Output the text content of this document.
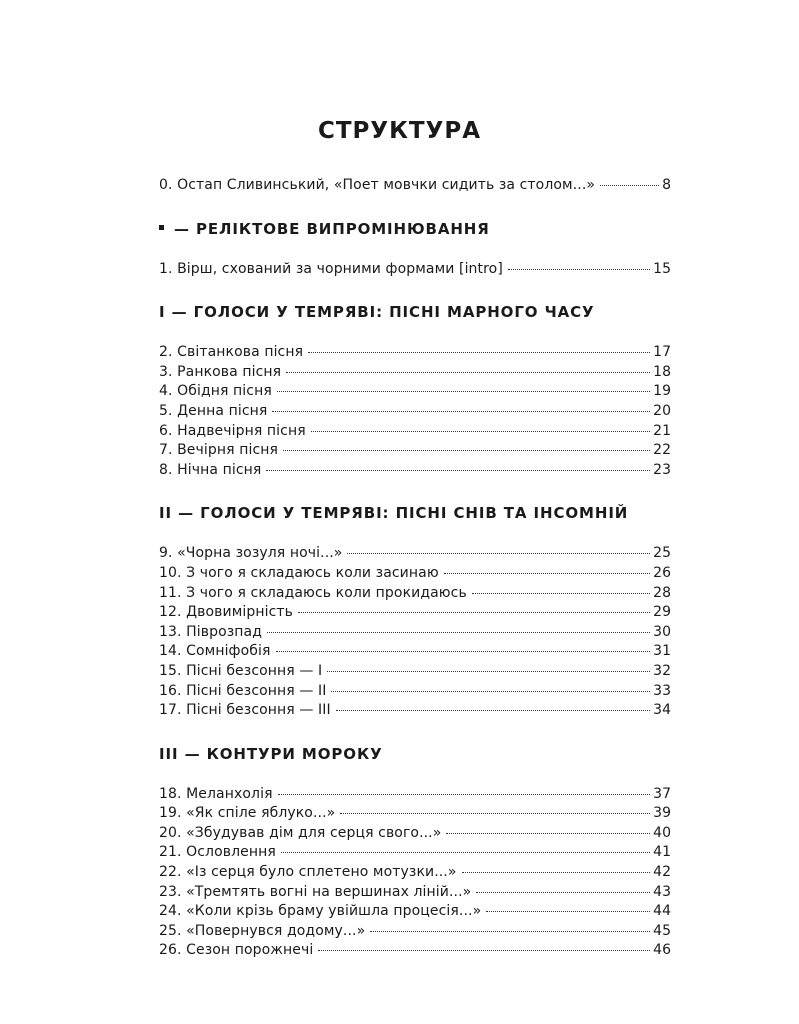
СТРУКТУРА
0. Остап Сливинський, «Поет мовчки сидить за столом...»	8
— РЕЛІКТОВЕ ВИПРОМІНЮВАННЯ
1. Вірш, схований за чорними формами [intro]	15
I — ГОЛОСИ У ТЕМРЯВІ: ПІСНІ МАРНОГО ЧАСУ
2. Світанкова пісня	17
3. Ранкова пісня	18
4. Обідня пісня	19
5. Денна пісня	20
6. Надвечірня пісня	21
7. Вечірня пісня	22
8. Нічна пісня	23
II — ГОЛОСИ У ТЕМРЯВІ: ПІСНІ СНІВ ТА ІНСОМНІЙ
9. «Чорна зозуля ночі...»	25
10. З чого я складаюсь коли засинаю	26
11. З чого я складаюсь коли прокидаюсь	28
12. Двовимірність	29
13. Піврозпад	30
14. Сомніфобія	31
15. Пісні безсоння — I	32
16. Пісні безсоння — II	33
17. Пісні безсоння — III	34
III — КОНТУРИ МОРОКУ
18. Меланхолія	37
19. «Як спіле яблуко...»	39
20. «Збудував дім для серця свого...»	40
21. Ословлення	41
22. «Із серця було сплетено мотузки...»	42
23. «Тремтять вогні на вершинах ліній...»	43
24. «Коли крізь браму увійшла процесія...»	44
25. «Повернувся додому...»	45
26. Сезон порожнечі	46
